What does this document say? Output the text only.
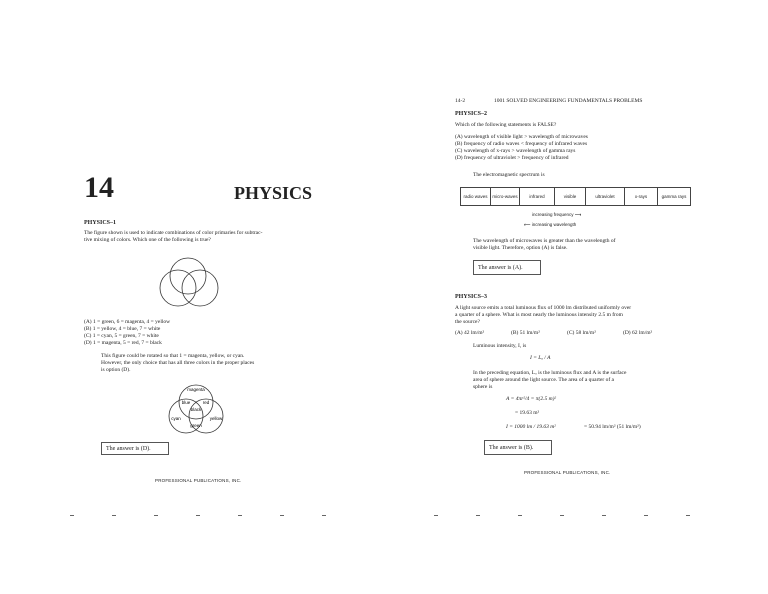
14	PHYSICS
PHYSICS–1
The figure shown is used to indicate combinations of color primaries for subtrac-
tive mixing of colors. Which one of the following is true?
(A) 1 = green, 6 = magenta, 4 = yellow
(B) 1 = yellow, 4 = blue, 7 = white
(C) 1 = cyan, 5 = green, 7 = white
(D) 1 = magenta, 5 = red, 7 = black
This figure could be rotated so that 1 = magenta, yellow, or cyan.
However, the only choice that has all three colors in the proper places
is option (D).
magenta
blue	red
black
cyan	yellow
green
The answer is (D).
PROFESSIONAL PUBLICATIONS, INC.
14-2	1001 SOLVED ENGINEERING FUNDAMENTALS PROBLEMS
PHYSICS–2
Which of the following statements is FALSE?
(A) wavelength of visible light > wavelength of microwaves
(B) frequency of radio waves < frequency of infrared waves
(C) wavelength of x-rays > wavelength of gamma rays
(D) frequency of ultraviolet > frequency of infrared
The electromagnetic spectrum is
radio waves	micro-waves	infrared	visible	ultraviolet	x-rays	gamma rays
increasing frequency ⟶
⟵ increasing wavelength
The wavelength of microwaves is greater than the wavelength of
visible light. Therefore, option (A) is false.
The answer is (A).
PHYSICS–3
A light source emits a total luminous flux of 1000 lm distributed uniformly over
a quarter of a sphere. What is most nearly the luminous intensity 2.5 m from
the source?
(A) 42 lm/m²	(B) 51 lm/m²	(C) 58 lm/m²	(D) 62 lm/m²
Luminous intensity, I, is
I = Lₒ / A
In the preceding equation, Lₒ is the luminous flux and A is the surface
area of sphere around the light source. The area of a quarter of a
sphere is
A = 4πr²/4 = π(2.5 m)²
= 19.63 m²
I = 1000 lm / 19.63 m²	= 50.94 lm/m² (51 lm/m²)
The answer is (B).
PROFESSIONAL PUBLICATIONS, INC.
